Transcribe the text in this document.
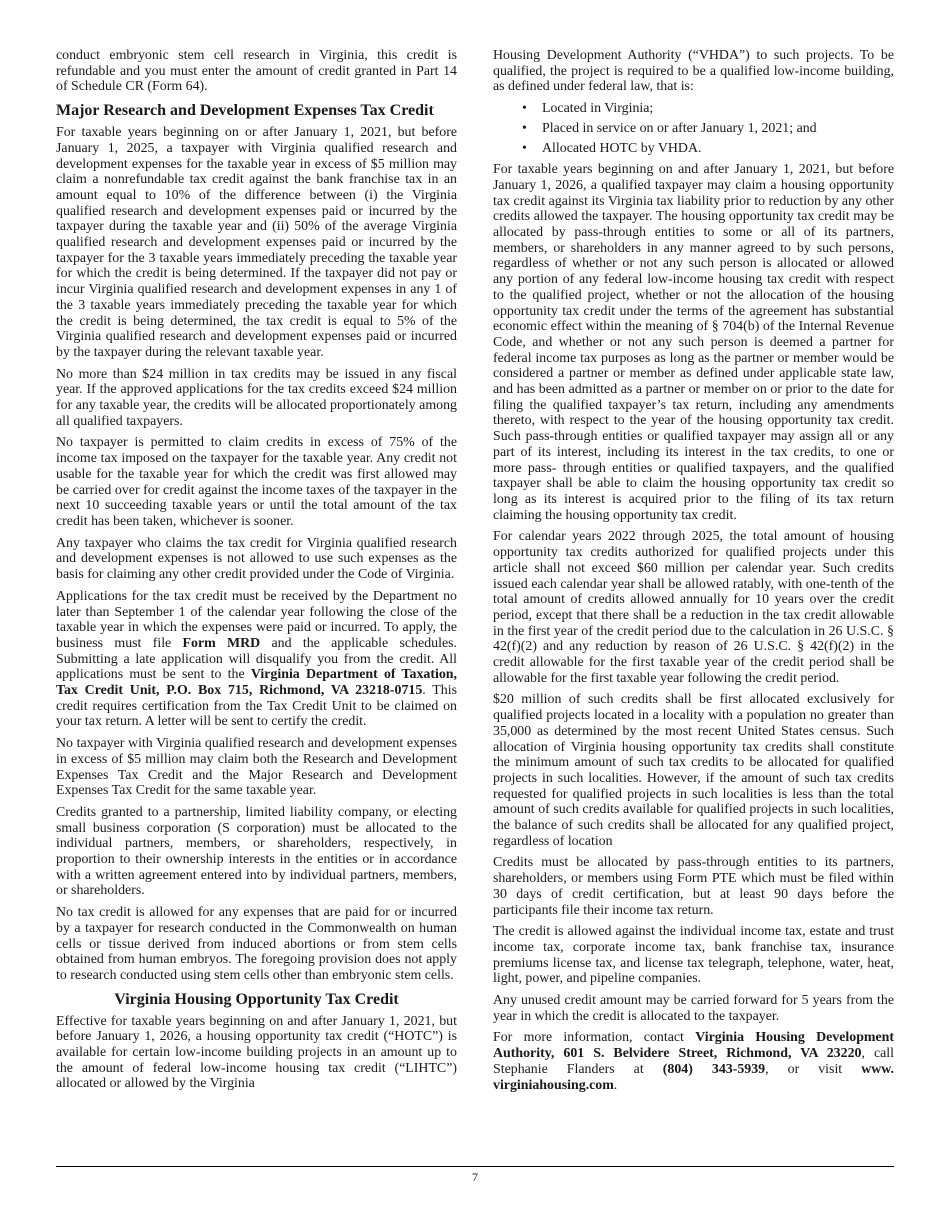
conduct embryonic stem cell research in Virginia, this credit is refundable and you must enter the amount of credit granted in Part 14 of Schedule CR (Form 64).

Major Research and Development Expenses Tax Credit

For taxable years beginning on or after January 1, 2021, but before January 1, 2025, a taxpayer with Virginia qualified research and development expenses for the taxable year in excess of $5 million may claim a nonrefundable tax credit against the bank franchise tax in an amount equal to 10% of the difference between (i) the Virginia qualified research and development expenses paid or incurred by the taxpayer during the taxable year and (ii) 50% of the average Virginia qualified research and development expenses paid or incurred by the taxpayer for the 3 taxable years immediately preceding the taxable year for which the credit is being determined. If the taxpayer did not pay or incur Virginia qualified research and development expenses in any 1 of the 3 taxable years immediately preceding the taxable year for which the credit is being determined, the tax credit is equal to 5% of the Virginia qualified research and development expenses paid or incurred by the taxpayer during the relevant taxable year.

No more than $24 million in tax credits may be issued in any fiscal year. If the approved applications for the tax credits exceed $24 million for any taxable year, the credits will be allocated proportionately among all qualified taxpayers.

No taxpayer is permitted to claim credits in excess of 75% of the income tax imposed on the taxpayer for the taxable year. Any credit not usable for the taxable year for which the credit was first allowed may be carried over for credit against the income taxes of the taxpayer in the next 10 succeeding taxable years or until the total amount of the tax credit has been taken, whichever is sooner.

Any taxpayer who claims the tax credit for Virginia qualified research and development expenses is not allowed to use such expenses as the basis for claiming any other credit provided under the Code of Virginia.

Applications for the tax credit must be received by the Department no later than September 1 of the calendar year following the close of the taxable year in which the expenses were paid or incurred. To apply, the business must file Form MRD and the applicable schedules. Submitting a late application will disqualify you from the credit. All applications must be sent to the Virginia Department of Taxation, Tax Credit Unit, P.O. Box 715, Richmond, VA 23218-0715. This credit requires certification from the Tax Credit Unit to be claimed on your tax return. A letter will be sent to certify the credit.

No taxpayer with Virginia qualified research and development expenses in excess of $5 million may claim both the Research and Development Expenses Tax Credit and the Major Research and Development Expenses Tax Credit for the same taxable year.

Credits granted to a partnership, limited liability company, or electing small business corporation (S corporation) must be allocated to the individual partners, members, or shareholders, respectively, in proportion to their ownership interests in the entities or in accordance with a written agreement entered into by individual partners, members, or shareholders.

No tax credit is allowed for any expenses that are paid for or incurred by a taxpayer for research conducted in the Commonwealth on human cells or tissue derived from induced abortions or from stem cells obtained from human embryos. The foregoing provision does not apply to research conducted using stem cells other than embryonic stem cells.

Virginia Housing Opportunity Tax Credit

Effective for taxable years beginning on and after January 1, 2021, but before January 1, 2026, a housing opportunity tax credit (“HOTC”) is available for certain low-income building projects in an amount up to the amount of federal low-income housing tax credit (“LIHTC”) allocated or allowed by the Virginia

Housing Development Authority (“VHDA”) to such projects. To be qualified, the project is required to be a qualified low-income building, as defined under federal law, that is:

• Located in Virginia;
• Placed in service on or after January 1, 2021; and
• Allocated HOTC by VHDA.

For taxable years beginning on and after January 1, 2021, but before January 1, 2026, a qualified taxpayer may claim a housing opportunity tax credit against its Virginia tax liability prior to reduction by any other credits allowed the taxpayer. The housing opportunity tax credit may be allocated by pass-through entities to some or all of its partners, members, or shareholders in any manner agreed to by such persons, regardless of whether or not any such person is allocated or allowed any portion of any federal low-income housing tax credit with respect to the qualified project, whether or not the allocation of the housing opportunity tax credit under the terms of the agreement has substantial economic effect within the meaning of § 704(b) of the Internal Revenue Code, and whether or not any such person is deemed a partner for federal income tax purposes as long as the partner or member would be considered a partner or member as defined under applicable state law, and has been admitted as a partner or member on or prior to the date for filing the qualified taxpayer’s tax return, including any amendments thereto, with respect to the year of the housing opportunity tax credit. Such pass-through entities or qualified taxpayer may assign all or any part of its interest, including its interest in the tax credits, to one or more pass- through entities or qualified taxpayers, and the qualified taxpayer shall be able to claim the housing opportunity tax credit so long as its interest is acquired prior to the filing of its tax return claiming the housing opportunity tax credit.

For calendar years 2022 through 2025, the total amount of housing opportunity tax credits authorized for qualified projects under this article shall not exceed $60 million per calendar year. Such credits issued each calendar year shall be allowed ratably, with one-tenth of the total amount of credits allowed annually for 10 years over the credit period, except that there shall be a reduction in the tax credit allowable in the first year of the credit period due to the calculation in 26 U.S.C. § 42(f)(2) and any reduction by reason of 26 U.S.C. § 42(f)(2) in the credit allowable for the first taxable year of the credit period shall be allowable for the first taxable year following the credit period.

$20 million of such credits shall be first allocated exclusively for qualified projects located in a locality with a population no greater than 35,000 as determined by the most recent United States census. Such allocation of Virginia housing opportunity tax credits shall constitute the minimum amount of such tax credits to be allocated for qualified projects in such localities. However, if the amount of such tax credits requested for qualified projects in such localities is less than the total amount of such credits available for qualified projects in such localities, the balance of such credits shall be allocated for any qualified project, regardless of location

Credits must be allocated by pass-through entities to its partners, shareholders, or members using Form PTE which must be filed within 30 days of credit certification, but at least 90 days before the participants file their income tax return.

The credit is allowed against the individual income tax, estate and trust income tax, corporate income tax, bank franchise tax, insurance premiums license tax, and license tax telegraph, telephone, water, heat, light, power, and pipeline companies.

Any unused credit amount may be carried forward for 5 years from the year in which the credit is allocated to the taxpayer.

For more information, contact Virginia Housing Development Authority, 601 S. Belvidere Street, Richmond, VA 23220, call Stephanie Flanders at (804) 343-5939, or visit www. virginiahousing.com.

7
